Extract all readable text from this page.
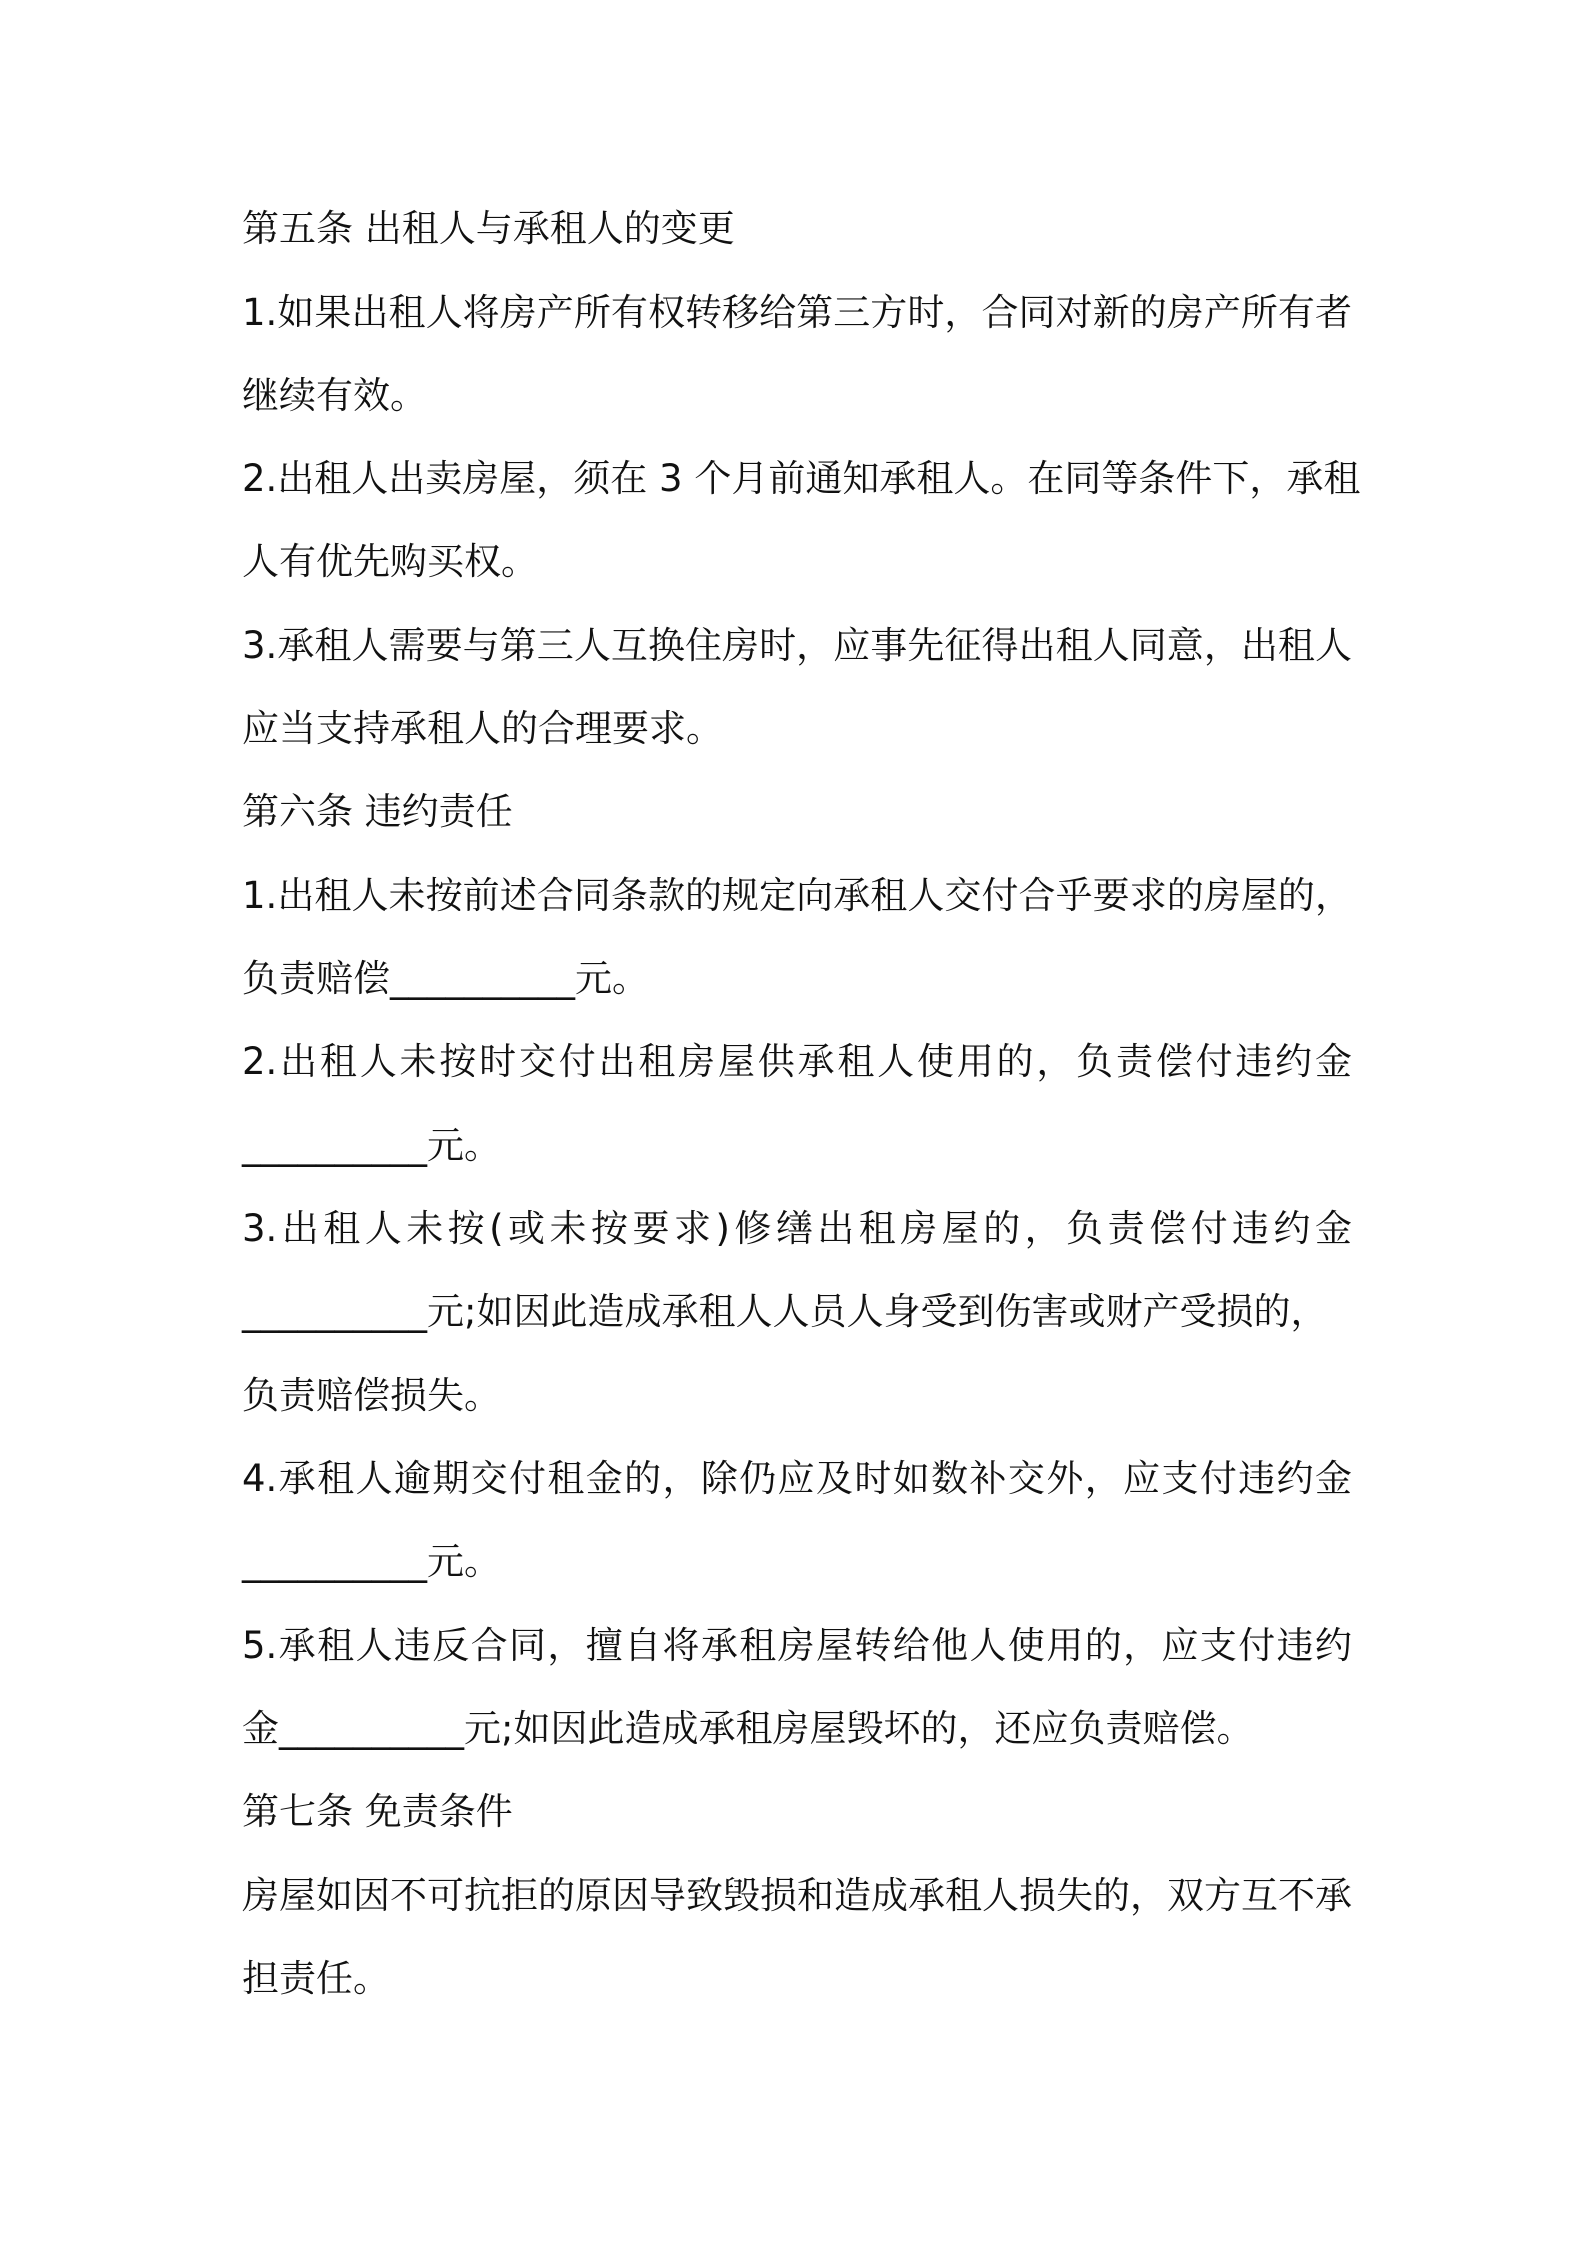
第五条 出租人与承租人的变更
1.如果出租人将房产所有权转移给第三方时，合同对新的房产所有者
继续有效。
2.出租人出卖房屋，须在 3 个月前通知承租人。在同等条件下，承租
人有优先购买权。
3.承租人需要与第三人互换住房时，应事先征得出租人同意，出租人
应当支持承租人的合理要求。
第六条 违约责任
1.出租人未按前述合同条款的规定向承租人交付合乎要求的房屋的，
负责赔偿__________元。
2.出租人未按时交付出租房屋供承租人使用的，负责偿付违约金
__________元。
3.出租人未按(或未按要求)修缮出租房屋的，负责偿付违约金
__________元;如因此造成承租人人员人身受到伤害或财产受损的，
负责赔偿损失。
4.承租人逾期交付租金的，除仍应及时如数补交外，应支付违约金
__________元。
5.承租人违反合同，擅自将承租房屋转给他人使用的，应支付违约
金__________元;如因此造成承租房屋毁坏的，还应负责赔偿。
第七条 免责条件
房屋如因不可抗拒的原因导致毁损和造成承租人损失的，双方互不承
担责任。
